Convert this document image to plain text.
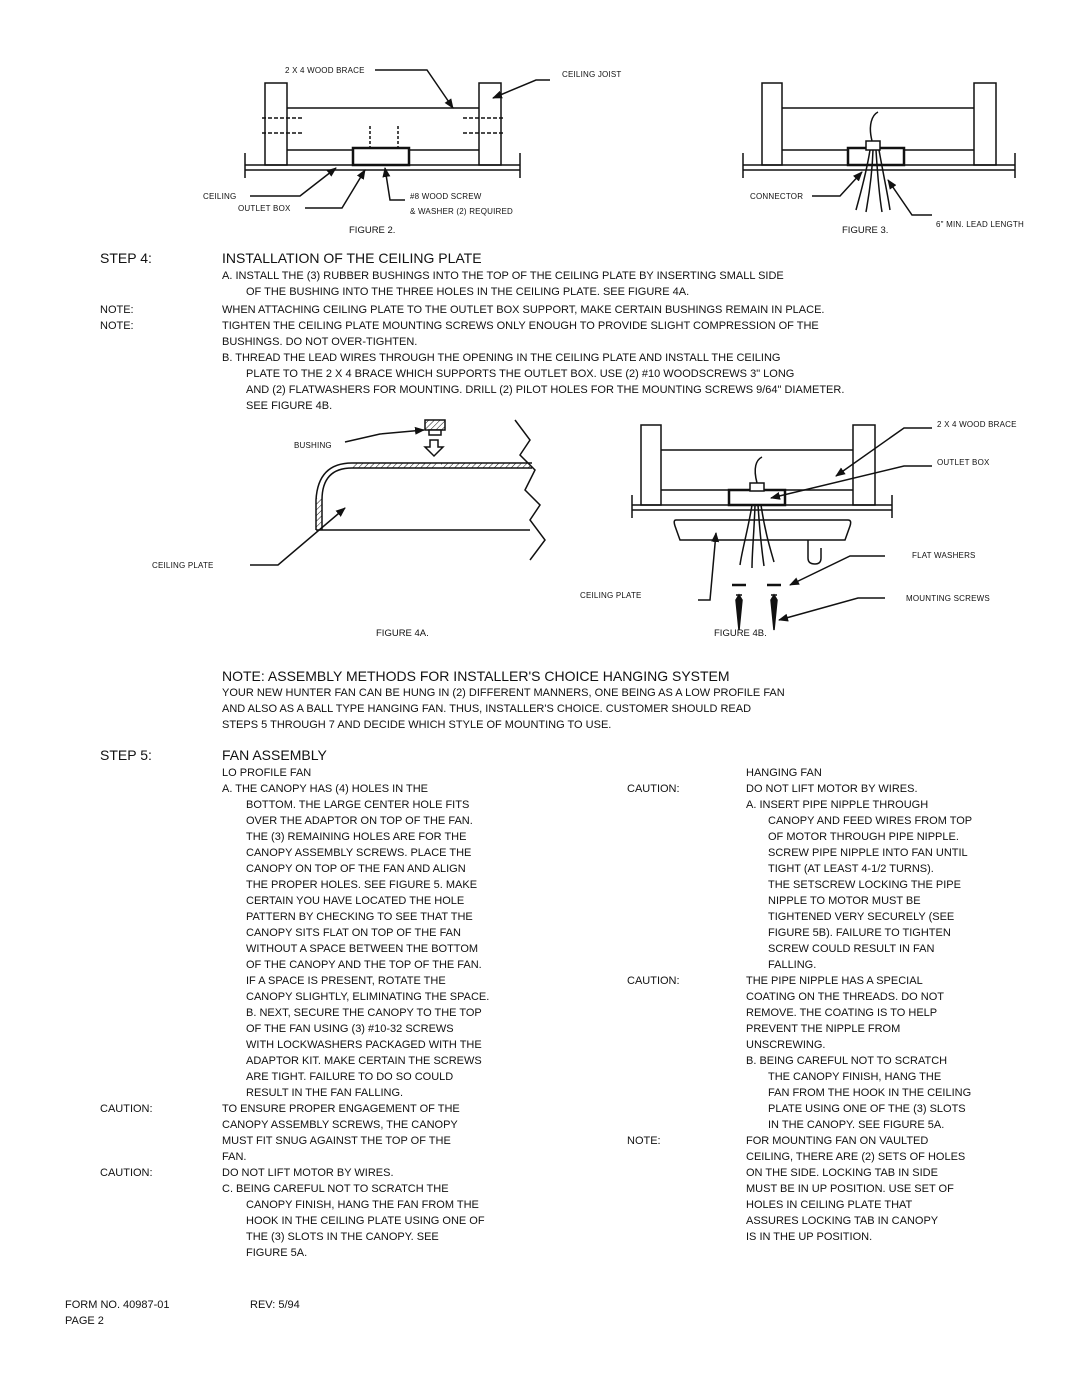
2 X 4 WOOD BRACE	CEILING JOIST
CEILING
OUTLET BOX
#8 WOOD SCREW
& WASHER (2) REQUIRED
FIGURE 2.
CONNECTOR
FIGURE 3.
6" MIN. LEAD LENGTH
STEP 4:	INSTALLATION OF THE CEILING PLATE
A. INSTALL THE (3) RUBBER BUSHINGS INTO THE TOP OF THE CEILING PLATE BY INSERTING SMALL SIDE
OF THE BUSHING INTO THE THREE HOLES IN THE CEILING PLATE. SEE FIGURE 4A.
NOTE:	WHEN ATTACHING CEILING PLATE TO THE OUTLET BOX SUPPORT, MAKE CERTAIN BUSHINGS REMAIN IN PLACE.
NOTE:	TIGHTEN THE CEILING PLATE MOUNTING SCREWS ONLY ENOUGH TO PROVIDE SLIGHT COMPRESSION OF THE
BUSHINGS. DO NOT OVER-TIGHTEN.
B. THREAD THE LEAD WIRES THROUGH THE OPENING IN THE CEILING PLATE AND INSTALL THE CEILING
PLATE TO THE 2 X 4 BRACE WHICH SUPPORTS THE OUTLET BOX. USE (2) #10 WOODSCREWS 3" LONG
AND (2) FLATWASHERS FOR MOUNTING. DRILL (2) PILOT HOLES FOR THE MOUNTING SCREWS 9/64" DIAMETER.
SEE FIGURE 4B.
BUSHING
CEILING PLATE
FIGURE 4A.
2 X 4 WOOD BRACE
OUTLET BOX
FLAT WASHERS
CEILING PLATE	MOUNTING SCREWS
FIGURE 4B.
NOTE: ASSEMBLY METHODS FOR INSTALLER'S CHOICE HANGING SYSTEM
YOUR NEW HUNTER FAN CAN BE HUNG IN (2) DIFFERENT MANNERS, ONE BEING AS A LOW PROFILE FAN
AND ALSO AS A BALL TYPE HANGING FAN. THUS, INSTALLER'S CHOICE. CUSTOMER SHOULD READ
STEPS 5 THROUGH 7 AND DECIDE WHICH STYLE OF MOUNTING TO USE.
STEP 5:	FAN ASSEMBLY
LO PROFILE FAN
A. THE CANOPY HAS (4) HOLES IN THE
BOTTOM. THE LARGE CENTER HOLE FITS
OVER THE ADAPTOR ON TOP OF THE FAN.
THE (3) REMAINING HOLES ARE FOR THE
CANOPY ASSEMBLY SCREWS. PLACE THE
CANOPY ON TOP OF THE FAN AND ALIGN
THE PROPER HOLES. SEE FIGURE 5. MAKE
CERTAIN YOU HAVE LOCATED THE HOLE
PATTERN BY CHECKING TO SEE THAT THE
CANOPY SITS FLAT ON TOP OF THE FAN
WITHOUT A SPACE BETWEEN THE BOTTOM
OF THE CANOPY AND THE TOP OF THE FAN.
IF A SPACE IS PRESENT, ROTATE THE
CANOPY SLIGHTLY, ELIMINATING THE SPACE.
B. NEXT, SECURE THE CANOPY TO THE TOP
OF THE FAN USING (3) #10-32 SCREWS
WITH LOCKWASHERS PACKAGED WITH THE
ADAPTOR KIT. MAKE CERTAIN THE SCREWS
ARE TIGHT. FAILURE TO DO SO COULD
RESULT IN THE FAN FALLING.
CAUTION:	TO ENSURE PROPER ENGAGEMENT OF THE
CANOPY ASSEMBLY SCREWS, THE CANOPY
MUST FIT SNUG AGAINST THE TOP OF THE
FAN.
CAUTION:	DO NOT LIFT MOTOR BY WIRES.
C. BEING CAREFUL NOT TO SCRATCH THE
CANOPY FINISH, HANG THE FAN FROM THE
HOOK IN THE CEILING PLATE USING ONE OF
THE (3) SLOTS IN THE CANOPY. SEE
FIGURE 5A.
HANGING FAN
CAUTION:	DO NOT LIFT MOTOR BY WIRES.
A. INSERT PIPE NIPPLE THROUGH
CANOPY AND FEED WIRES FROM TOP
OF MOTOR THROUGH PIPE NIPPLE.
SCREW PIPE NIPPLE INTO FAN UNTIL
TIGHT (AT LEAST 4-1/2 TURNS).
THE SETSCREW LOCKING THE PIPE
NIPPLE TO MOTOR MUST BE
TIGHTENED VERY SECURELY (SEE
FIGURE 5B). FAILURE TO TIGHTEN
SCREW COULD RESULT IN FAN
FALLING.
CAUTION:	THE PIPE NIPPLE HAS A SPECIAL
COATING ON THE THREADS. DO NOT
REMOVE. THE COATING IS TO HELP
PREVENT THE NIPPLE FROM
UNSCREWING.
B. BEING CAREFUL NOT TO SCRATCH
THE CANOPY FINISH, HANG THE
FAN FROM THE HOOK IN THE CEILING
PLATE USING ONE OF THE (3) SLOTS
IN THE CANOPY. SEE FIGURE 5A.
NOTE:	FOR MOUNTING FAN ON VAULTED
CEILING, THERE ARE (2) SETS OF HOLES
ON THE SIDE. LOCKING TAB IN SIDE
MUST BE IN UP POSITION. USE SET OF
HOLES IN CEILING PLATE THAT
ASSURES LOCKING TAB IN CANOPY
IS IN THE UP POSITION.
FORM NO. 40987-01	REV: 5/94
PAGE 2
